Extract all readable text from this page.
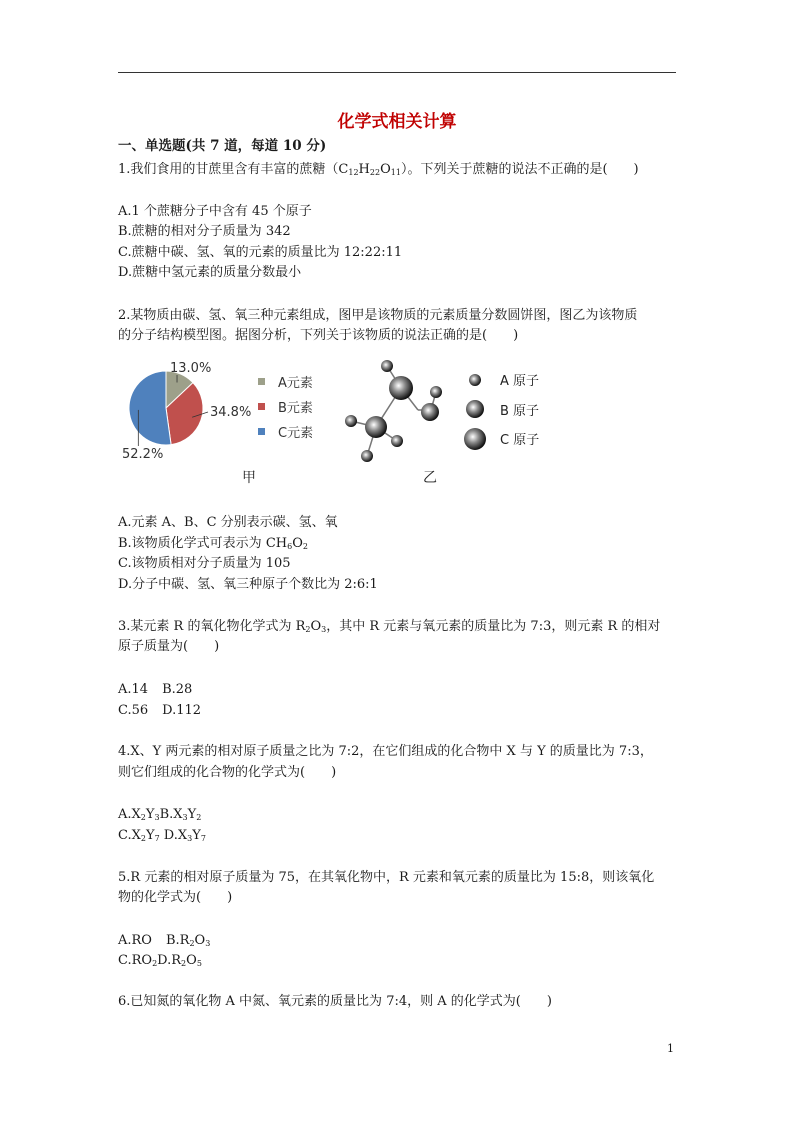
化学式相关计算
一、单选题(共 7 道，每道 10 分)
1.我们食用的甘蔗里含有丰富的蔗糖$(C_{12}H_{22}O_{11})$。下列关于蔗糖的说法不正确的是(　　)
A.1 个蔗糖分子中含有 45 个原子
B.蔗糖的相对分子质量为 342
C.蔗糖中碳、氢、氧的元素的质量比为 12:22:11
D.蔗糖中氢元素的质量分数最小
2.某物质由碳、氢、氧三种元素组成，图甲是该物质的元素质量分数圆饼图，图乙为该物质
的分子结构模型图。据图分析，下列关于该物质的说法正确的是(　　)
13.0%
34.8%
52.2%
A元素
B元素
C元素
甲
A 原子
B 原子
C 原子
乙
A.元素 A、B、C 分别表示碳、氢、氧
B.该物质化学式可表示为 $CH_6O_2$
C.该物质相对分子质量为 105
D.分子中碳、氢、氧三种原子个数比为 2:6:1
3.某元素 R 的氧化物化学式为 $R_2O_3$，其中 R 元素与氧元素的质量比为 7:3，则元素 R 的相对
原子质量为(　　)
A.14 B.28
C.56 D.112
4.X、Y 两元素的相对原子质量之比为 7:2，在它们组成的化合物中 X 与 Y 的质量比为 7:3，
则它们组成的化合物的化学式为(　　)
$A.X_2Y_3B.X_3Y_2$
$C.X_2Y_7$ $D.X_3Y_7$
5.R 元素的相对原子质量为 75，在其氧化物中，R 元素和氧元素的质量比为 15:8，则该氧化
物的化学式为(　　)
A.RO $B.R_2O_3$
$C.RO_2D.R_2O_5$
6.已知氮的氧化物 A 中氮、氧元素的质量比为 7:4，则 A 的化学式为(　　)
1
